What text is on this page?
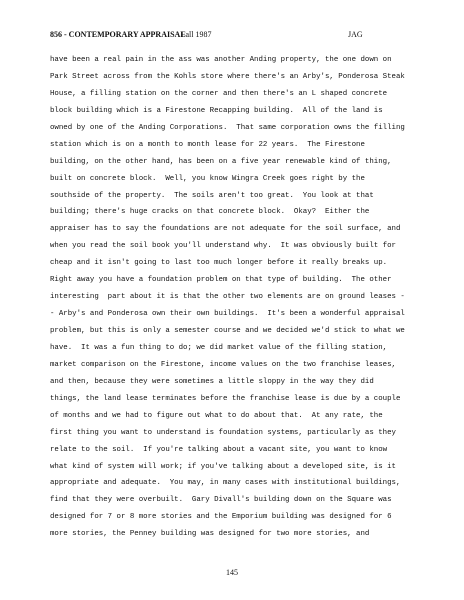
856 - CONTEMPORARY APPRAISAL
Fall 1987	JAG
have been a real pain in the ass was another Anding property, the one down on
Park Street across from the Kohls store where there's an Arby's, Ponderosa Steak
House, a filling station on the corner and then there's an L shaped concrete
block building which is a Firestone Recapping building.  All of the land is
owned by one of the Anding Corporations.  That same corporation owns the filling
station which is on a month to month lease for 22 years.  The Firestone
building, on the other hand, has been on a five year renewable kind of thing,
built on concrete block.  Well, you know Wingra Creek goes right by the
southside of the property.  The soils aren't too great.  You look at that
building; there's huge cracks on that concrete block.  Okay?  Either the
appraiser has to say the foundations are not adequate for the soil surface, and
when you read the soil book you'll understand why.  It was obviously built for
cheap and it isn't going to last too much longer before it really breaks up.
Right away you have a foundation problem on that type of building.  The other
interesting  part about it is that the other two elements are on ground leases -
- Arby's and Ponderosa own their own buildings.  It's been a wonderful appraisal
problem, but this is only a semester course and we decided we'd stick to what we
have.  It was a fun thing to do; we did market value of the filling station,
market comparison on the Firestone, income values on the two franchise leases,
and then, because they were sometimes a little sloppy in the way they did
things, the land lease terminates before the franchise lease is due by a couple
of months and we had to figure out what to do about that.  At any rate, the
first thing you want to understand is foundation systems, particularly as they
relate to the soil.  If you're talking about a vacant site, you want to know
what kind of system will work; if you've talking about a developed site, is it
appropriate and adequate.  You may, in many cases with institutional buildings,
find that they were overbuilt.  Gary Divall's building down on the Square was
designed for 7 or 8 more stories and the Emporium building was designed for 6
more stories, the Penney building was designed for two more stories, and
145
